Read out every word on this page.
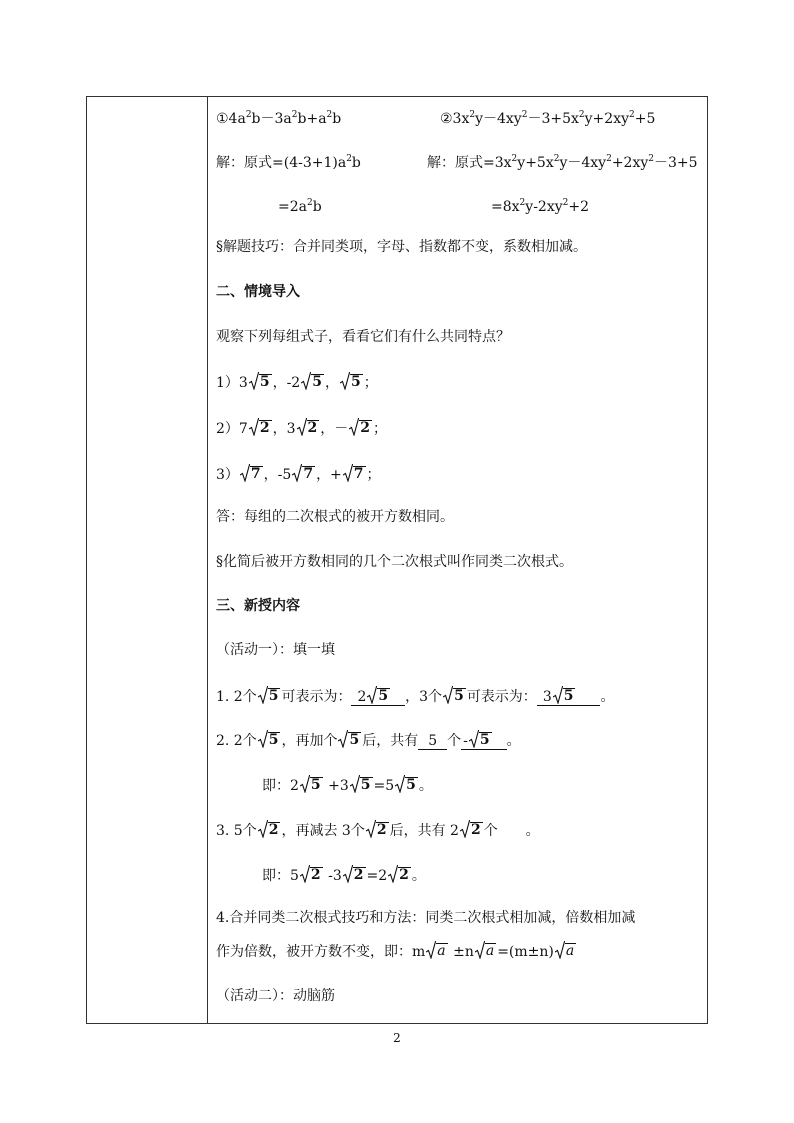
$①4a^2b-3a^2b+a^2b$	$②3x^2y-4xy^2-3+5x^2y+2xy^2+5$
解：原式$=(4-3+1)a^2b$	解：原式$=3x^2y+5x^2y-4xy^2+2xy^2-3+5$
$=2a^2b$	$=8x^2y-2xy^2+2$
§解题技巧：合并同类项，字母、指数都不变，系数相加减。
二、情境导入
观察下列每组式子，看看它们有什么共同特点？
1）3 5 ，-2 5 ， 5 ；
2）7 2 ，3 2 ，－ 2 ；
3） 7 ，-5 7 ，+ 7 ；
答：每组的二次根式的被开方数相同。
§化简后被开方数相同的几个二次根式叫作同类二次根式。
三、新授内容
（活动一）：填一填
1. 2个 5 可表示为： 2 5 ，3个 5 可表示为： 3 5 。
2. 2个 5 ，再加个 5 后，共有 5 个 - 5 。
即：2 5 +3 5 =5 5 。
3. 5个 2 ，再减去 3个 2 后，共有 2 2 个　　。
即：5 2 -3 2 =2 2 。
4.合并同类二次根式技巧和方法：同类二次根式相加减，倍数相加减
作为倍数，被开方数不变，即：m a ±n a =(m±n) a
（活动二）：动脑筋
2
